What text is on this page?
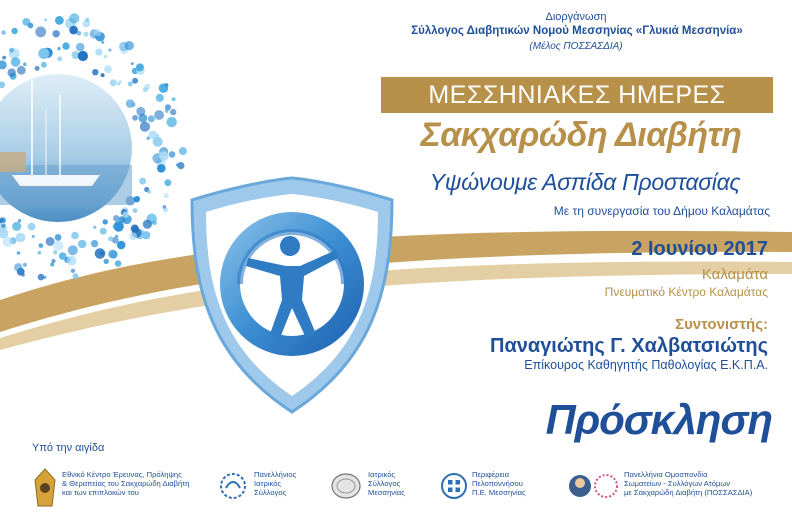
Διοργάνωση
Σύλλογος Διαβητικών Νομού Μεσσηνίας «Γλυκιά Μεσσηνία»
(Μέλος ΠΟΣΣΑΣΔΙΑ)
ΜΕΣΣΗΝΙΑΚΕΣ ΗΜΕΡΕΣ
Σακχαρώδη Διαβήτη
Υψώνουμε Ασπίδα Προστασίας
Με τη συνεργασία του Δήμου Καλαμάτας
2 Ιουνίου 2017
Καλαμάτα
Πνευματικό Κέντρο Καλαμάτας
Συντονιστής:
Παναγιώτης Γ. Χαλβατσιώτης
Επίκουρος Καθηγητής Παθολογίας Ε.Κ.Π.Α.
Πρόσκληση
Υπό την αιγίδα
Εθνικό Κέντρο Έρευνας, Πρόληψης
& Θεραπείας του Σακχαρώδη Διαβήτη
και των επιπλοκών του
Πανελλήνιος
Ιατρικός
Σύλλογος
Ιατρικός
Σύλλογος
Μεσσηνίας
Περιφέρεια
Πελοποννήσου
Π.Ε. Μεσσηνίας
Πανελλήνια Ομοσπονδία
Σωματείων - Συλλόγων Ατόμων
με Σακχαρώδη Διαβήτη (ΠΟΣΣΑΣΔΙΑ)
